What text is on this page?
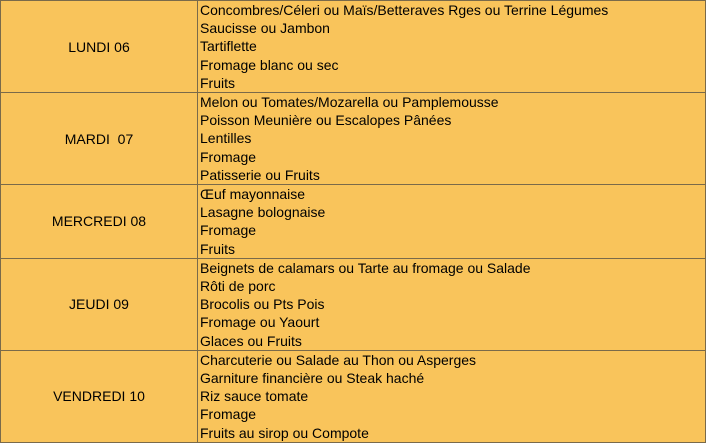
LUNDI 06	Concombres/Céleri ou Maïs/Betteraves Rges ou Terrine Légumes
Saucisse ou Jambon
Tartiflette
Fromage blanc ou sec
Fruits

MARDI  07	Melon ou Tomates/Mozarella ou Pamplemousse
Poisson Meunière ou Escalopes Pânées
Lentilles
Fromage
Patisserie ou Fruits

MERCREDI 08	Œuf mayonnaise
Lasagne bolognaise
Fromage
Fruits

JEUDI 09	Beignets de calamars ou Tarte au fromage ou Salade
Rôti de porc
Brocolis ou Pts Pois
Fromage ou Yaourt
Glaces ou Fruits

VENDREDI 10	Charcuterie ou Salade au Thon ou Asperges
Garniture financière ou Steak haché
Riz sauce tomate
Fromage
Fruits au sirop ou Compote
